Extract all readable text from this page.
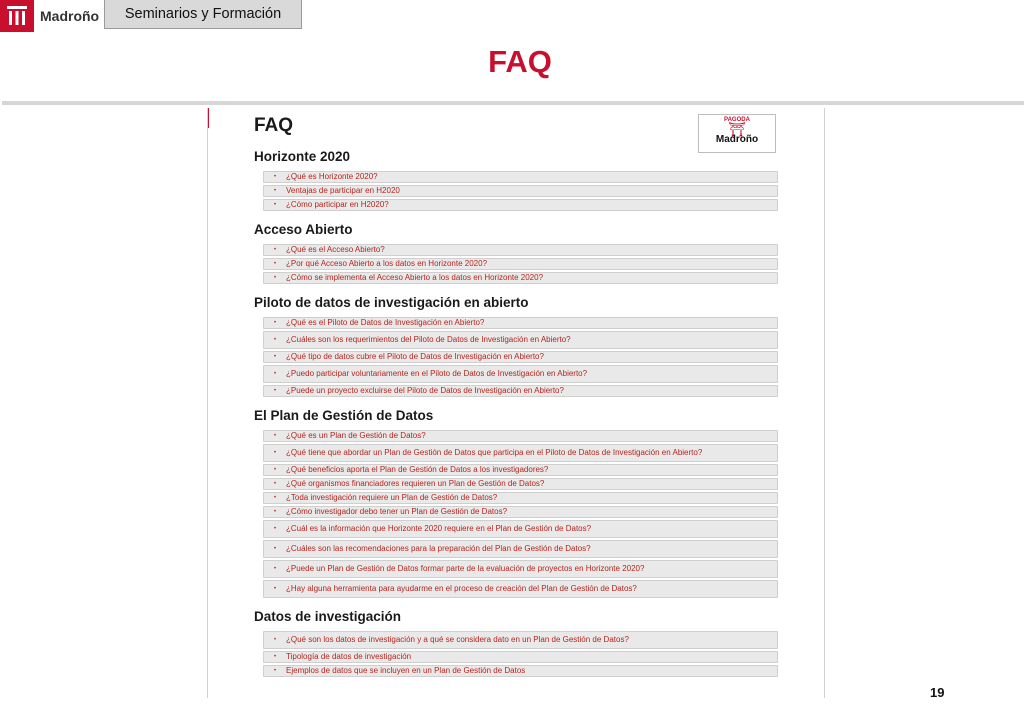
Madroño	Seminarios y Formación
FAQ
FAQ	PAGODA
⛩
Madroño
Horizonte 2020
•	¿Qué es Horizonte 2020?
•	Ventajas de participar en H2020
•	¿Cómo participar en H2020?
Acceso Abierto
•	¿Qué es el Acceso Abierto?
•	¿Por qué Acceso Abierto a los datos en Horizonte 2020?
•	¿Cómo se implementa el Acceso Abierto a los datos en Horizonte 2020?
Piloto de datos de investigación en abierto
•	¿Qué es el Piloto de Datos de Investigación en Abierto?
•	¿Cuáles son los requerimientos del Piloto de Datos de Investigación en Abierto?
•	¿Qué tipo de datos cubre el Piloto de Datos de Investigación en Abierto?
•	¿Puedo participar voluntariamente en el Piloto de Datos de Investigación en Abierto?
•	¿Puede un proyecto excluirse del Piloto de Datos de Investigación en Abierto?
El Plan de Gestión de Datos
•	¿Qué es un Plan de Gestión de Datos?
•	¿Qué tiene que abordar un Plan de Gestión de Datos que participa en el Piloto de Datos de Investigación en Abierto?
•	¿Qué beneficios aporta el Plan de Gestión de Datos a los investigadores?
•	¿Qué organismos financiadores requieren un Plan de Gestión de Datos?
•	¿Toda investigación requiere un Plan de Gestión de Datos?
•	¿Cómo investigador debo tener un Plan de Gestión de Datos?
•	¿Cuál es la información que Horizonte 2020 requiere en el Plan de Gestión de Datos?
•	¿Cuáles son las recomendaciones para la preparación del Plan de Gestión de Datos?
•	¿Puede un Plan de Gestión de Datos formar parte de la evaluación de proyectos en Horizonte 2020?
•	¿Hay alguna herramienta para ayudarme en el proceso de creación del Plan de Gestión de Datos?
Datos de investigación
•	¿Qué son los datos de investigación y a qué se considera dato en un Plan de Gestión de Datos?
•	Tipología de datos de investigación
•	Ejemplos de datos que se incluyen en un Plan de Gestión de Datos
19
